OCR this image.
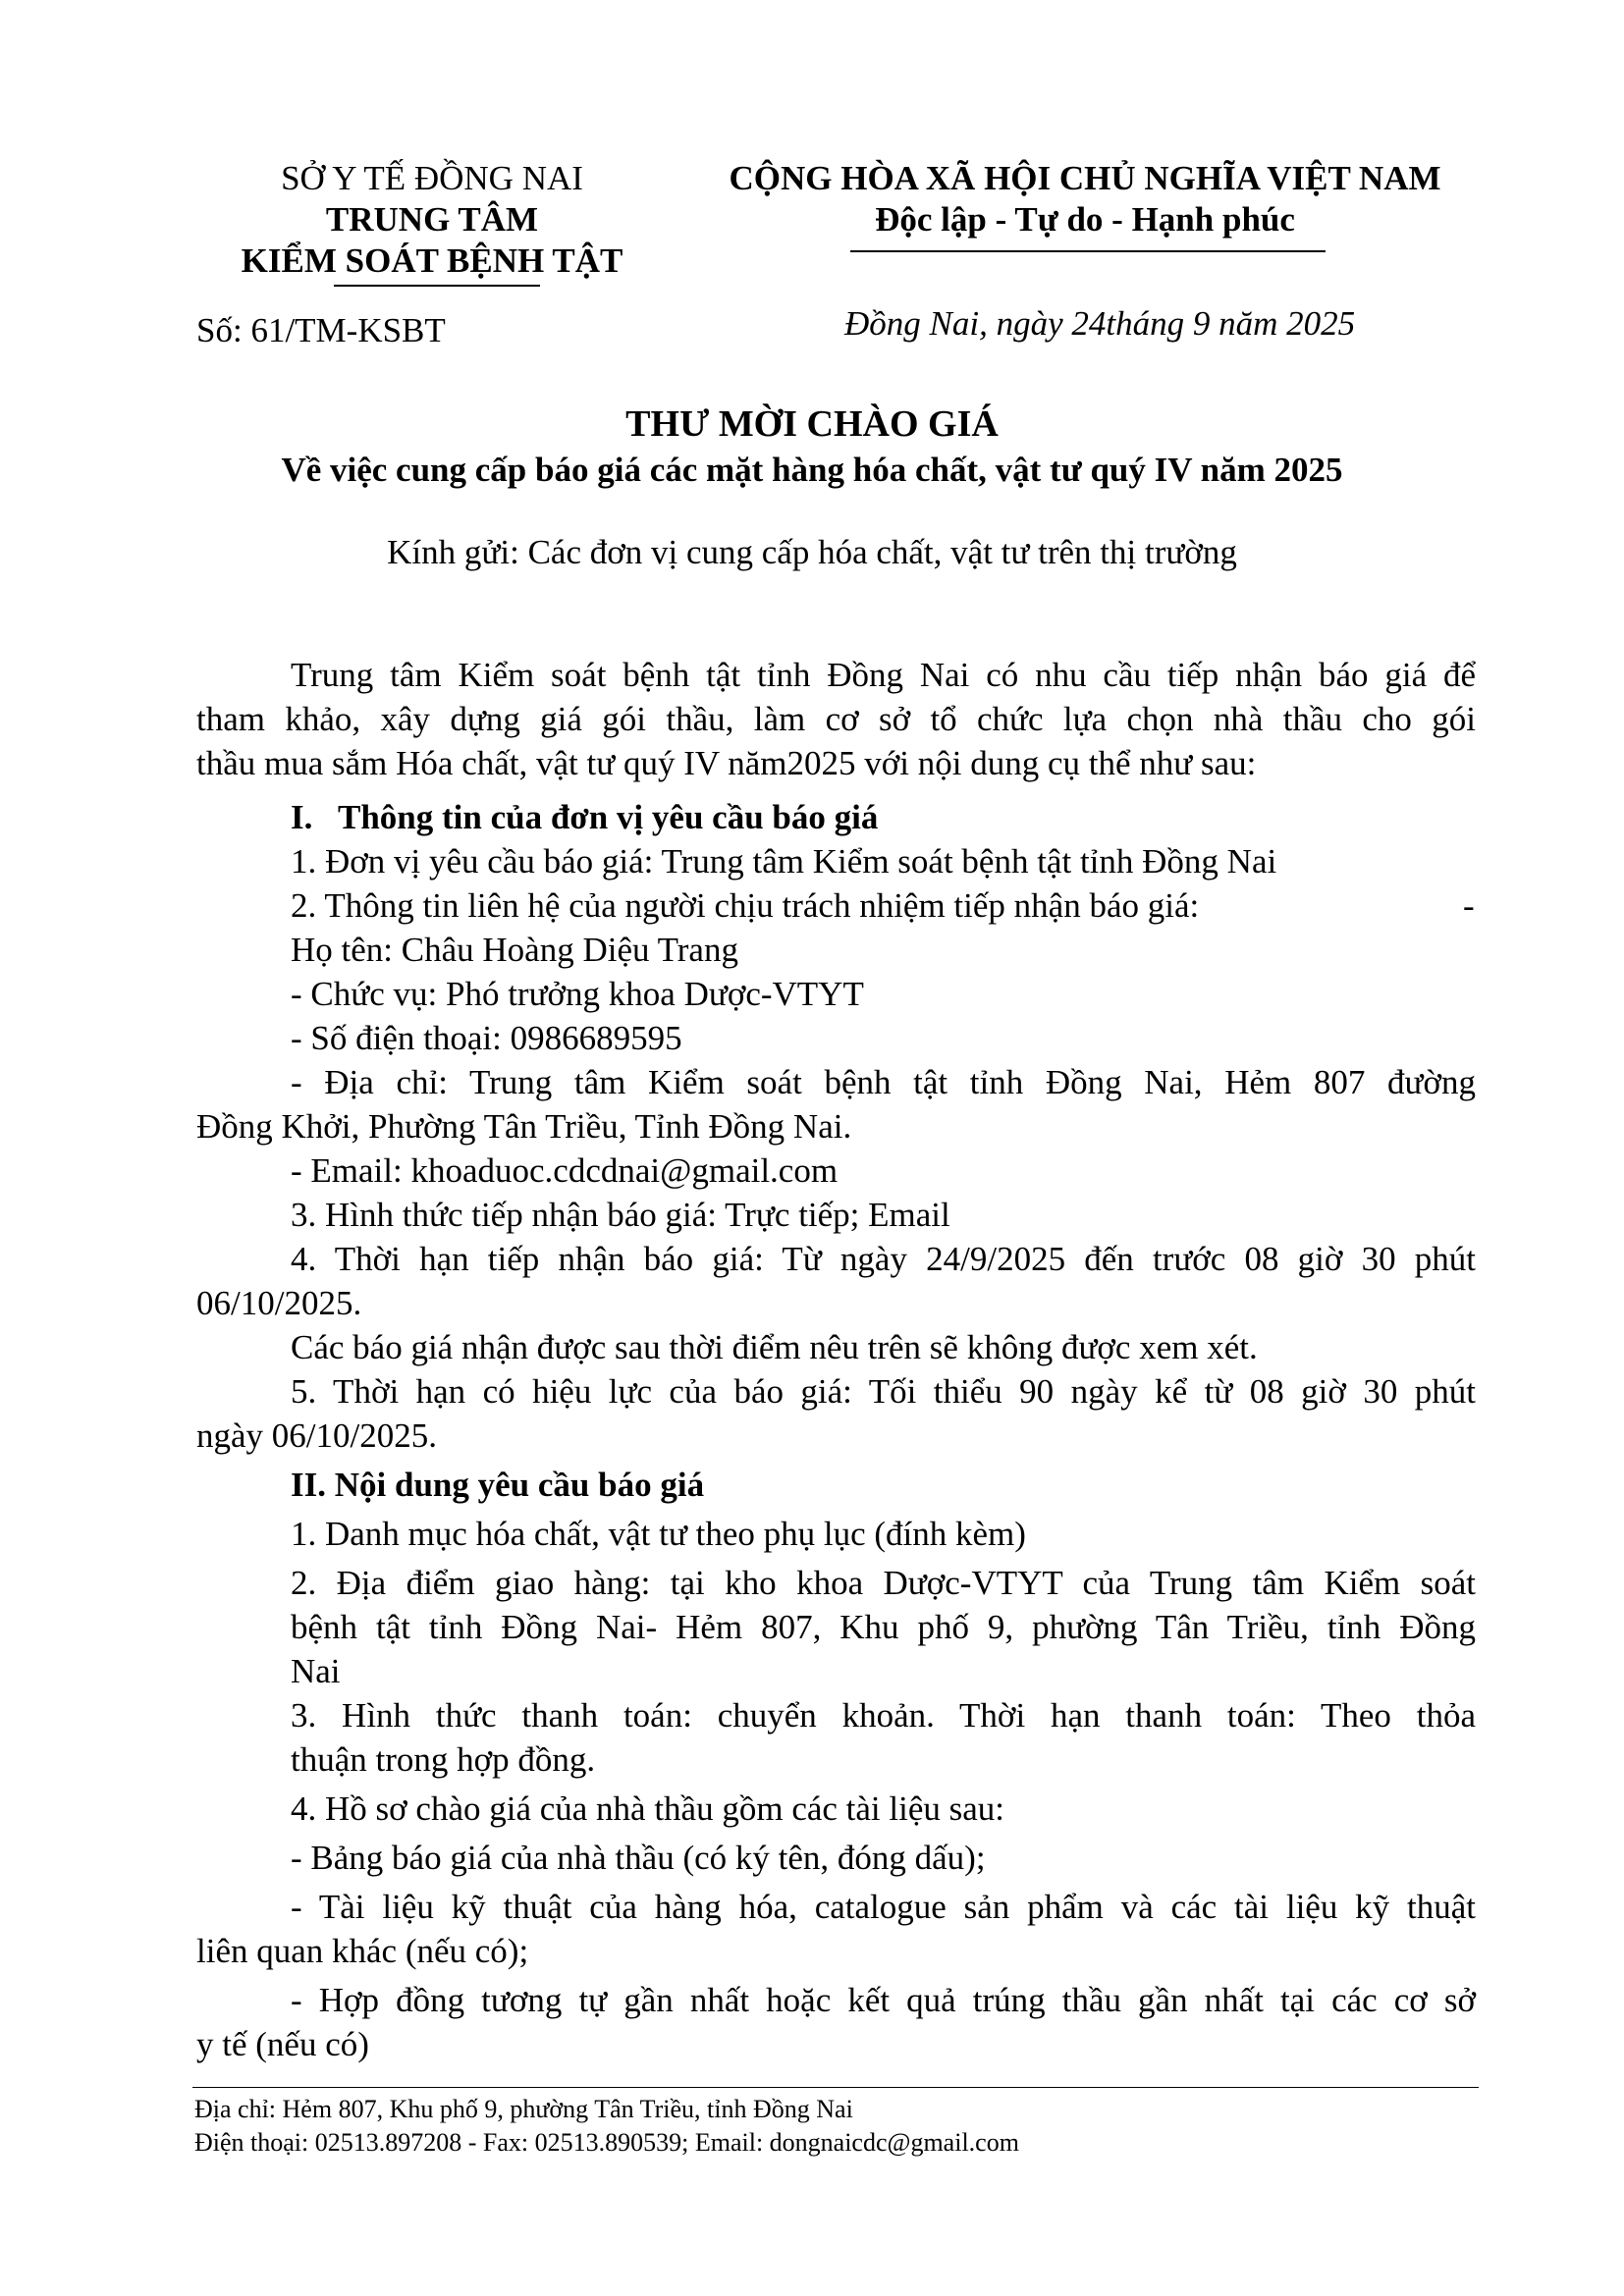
SỞ Y TẾ ĐỒNG NAI
TRUNG TÂM
KIỂM SOÁT BỆNH TẬT
Số: 61/TM-KSBT
CỘNG HÒA XÃ HỘI CHỦ NGHĨA VIỆT NAM
Độc lập - Tự do - Hạnh phúc
Đồng Nai, ngày 24tháng 9 năm 2025
THƯ MỜI CHÀO GIÁ
Về việc cung cấp báo giá các mặt hàng hóa chất, vật tư quý IV năm 2025
Kính gửi: Các đơn vị cung cấp hóa chất, vật tư trên thị trường
Trung tâm Kiểm soát bệnh tật tỉnh Đồng Nai có nhu cầu tiếp nhận báo giá để
tham khảo, xây dựng giá gói thầu, làm cơ sở tổ chức lựa chọn nhà thầu cho gói
thầu mua sắm Hóa chất, vật tư quý IV năm2025 với nội dung cụ thể như sau:
I. Thông tin của đơn vị yêu cầu báo giá
1. Đơn vị yêu cầu báo giá: Trung tâm Kiểm soát bệnh tật tỉnh Đồng Nai
2. Thông tin liên hệ của người chịu trách nhiệm tiếp nhận báo giá:	-
Họ tên: Châu Hoàng Diệu Trang
- Chức vụ: Phó trưởng khoa Dược-VTYT
- Số điện thoại: 0986689595
- Địa chỉ: Trung tâm Kiểm soát bệnh tật tỉnh Đồng Nai, Hẻm 807 đường
Đồng Khởi, Phường Tân Triều, Tỉnh Đồng Nai.
- Email: khoaduoc.cdcdnai@gmail.com
3. Hình thức tiếp nhận báo giá: Trực tiếp; Email
4. Thời hạn tiếp nhận báo giá: Từ ngày 24/9/2025 đến trước 08 giờ 30 phút
06/10/2025.
Các báo giá nhận được sau thời điểm nêu trên sẽ không được xem xét.
5. Thời hạn có hiệu lực của báo giá: Tối thiểu 90 ngày kể từ 08 giờ 30 phút
ngày 06/10/2025.
II. Nội dung yêu cầu báo giá
1. Danh mục hóa chất, vật tư theo phụ lục (đính kèm)
2. Địa điểm giao hàng: tại kho khoa Dược-VTYT của Trung tâm Kiểm soát
bệnh tật tỉnh Đồng Nai- Hẻm 807, Khu phố 9, phường Tân Triều, tỉnh Đồng
Nai
3. Hình thức thanh toán: chuyển khoản. Thời hạn thanh toán: Theo thỏa
thuận trong hợp đồng.
4. Hồ sơ chào giá của nhà thầu gồm các tài liệu sau:
- Bảng báo giá của nhà thầu (có ký tên, đóng dấu);
- Tài liệu kỹ thuật của hàng hóa, catalogue sản phẩm và các tài liệu kỹ thuật
liên quan khác (nếu có);
- Hợp đồng tương tự gần nhất hoặc kết quả trúng thầu gần nhất tại các cơ sở
y tế (nếu có)
Địa chỉ: Hẻm 807, Khu phố 9, phường Tân Triều, tỉnh Đồng Nai
Điện thoại: 02513.897208 - Fax: 02513.890539; Email: dongnaicdc@gmail.com
